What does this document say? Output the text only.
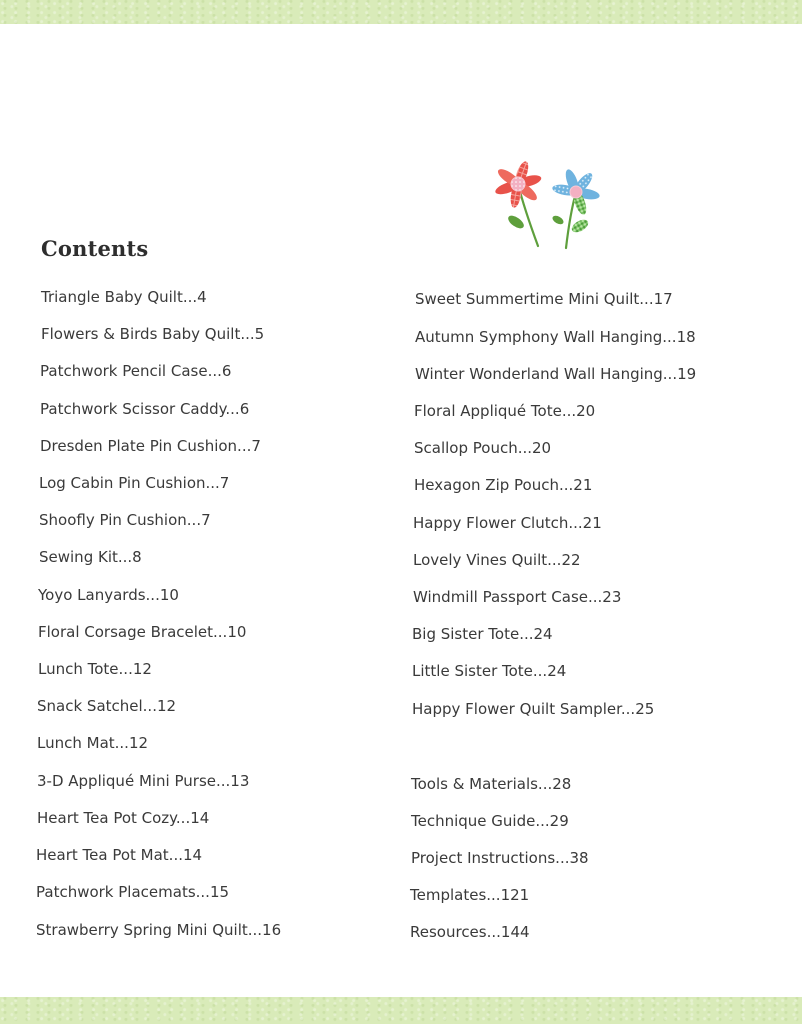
Contents
Triangle Baby Quilt...4
Flowers & Birds Baby Quilt...5
Patchwork Pencil Case...6
Patchwork Scissor Caddy...6
Dresden Plate Pin Cushion...7
Log Cabin Pin Cushion...7
Shoofly Pin Cushion...7
Sewing Kit...8
Yoyo Lanyards...10
Floral Corsage Bracelet...10
Lunch Tote...12
Snack Satchel...12
Lunch Mat...12
3-D Appliqué Mini Purse...13
Heart Tea Pot Cozy...14
Heart Tea Pot Mat...14
Patchwork Placemats...15
Strawberry Spring Mini Quilt...16
Sweet Summertime Mini Quilt...17
Autumn Symphony Wall Hanging...18
Winter Wonderland Wall Hanging...19
Floral Appliqué Tote...20
Scallop Pouch...20
Hexagon Zip Pouch...21
Happy Flower Clutch...21
Lovely Vines Quilt...22
Windmill Passport Case...23
Big Sister Tote...24
Little Sister Tote...24
Happy Flower Quilt Sampler...25
Tools & Materials...28
Technique Guide...29
Project Instructions...38
Templates...121
Resources...144
